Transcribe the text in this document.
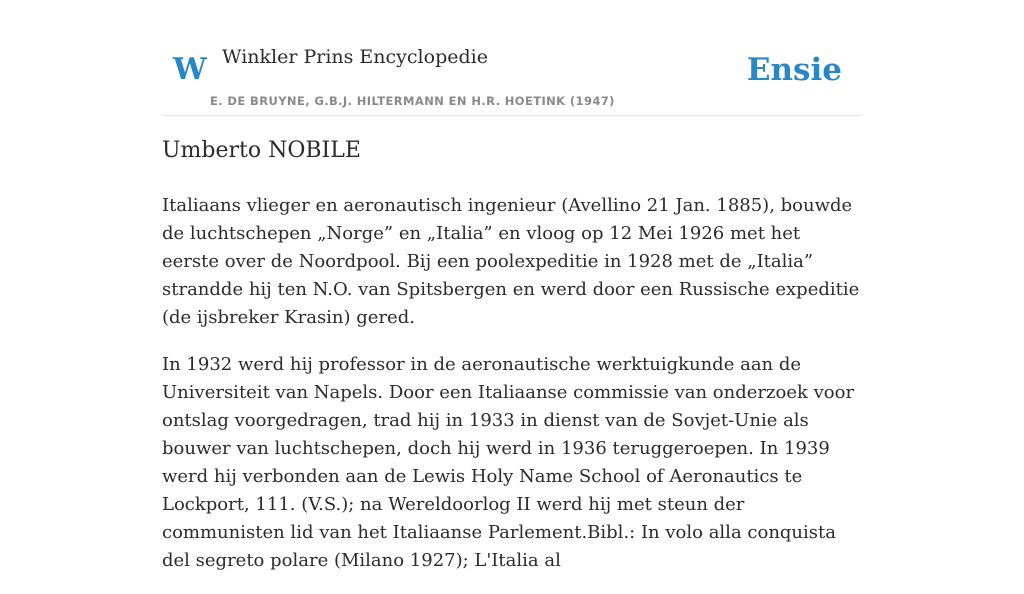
W Winkler Prins Encyclopedie
E. DE BRUYNE, G.B.J. HILTERMANN EN H.R. HOETINK (1947)
Ensie
Umberto NOBILE

Italiaans vlieger en aeronautisch ingenieur (Avellino 21 Jan. 1885), bouwde de luchtschepen „Norge” en „Italia” en vloog op 12 Mei 1926 met het eerste over de Noordpool. Bij een poolexpeditie in 1928 met de „Italia” strandde hij ten N.O. van Spitsbergen en werd door een Russische expeditie (de ijsbreker Krasin) gered.

In 1932 werd hij professor in de aeronautische werktuigkunde aan de Universiteit van Napels. Door een Italiaanse commissie van onderzoek voor ontslag voorgedragen, trad hij in 1933 in dienst van de Sovjet-Unie als bouwer van luchtschepen, doch hij werd in 1936 teruggeroepen. In 1939 werd hij verbonden aan de Lewis Holy Name School of Aeronautics te Lockport, 111. (V.S.); na Wereldoorlog II werd hij met steun der communisten lid van het Italiaanse Parlement.Bibl.: In volo alla conquista del segreto polare (Milano 1927); L'Italia al
